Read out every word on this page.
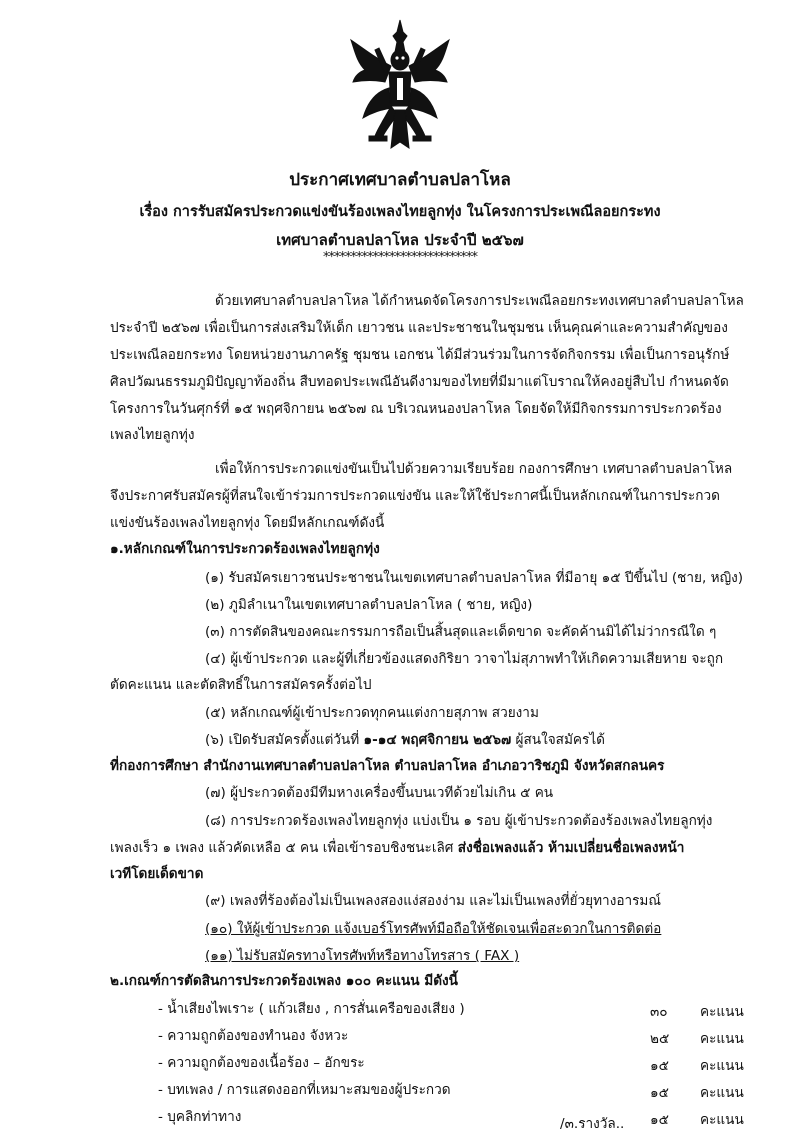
ประกาศเทศบาลตำบลปลาโหล
เรื่อง การรับสมัครประกวดแข่งขันร้องเพลงไทยลูกทุ่ง ในโครงการประเพณีลอยกระทง
เทศบาลตำบลปลาโหล ประจำปี ๒๕๖๗
****************************
ด้วยเทศบาลตำบลปลาโหล ได้กำหนดจัดโครงการประเพณีลอยกระทงเทศบาลตำบลปลาโหล
ประจำปี ๒๕๖๗ เพื่อเป็นการส่งเสริมให้เด็ก เยาวชน และประชาชนในชุมชน เห็นคุณค่าและความสำคัญของ
ประเพณีลอยกระทง โดยหน่วยงานภาครัฐ ชุมชน เอกชน ได้มีส่วนร่วมในการจัดกิจกรรม เพื่อเป็นการอนุรักษ์
ศิลปวัฒนธรรมภูมิปัญญาท้องถิ่น สืบทอดประเพณีอันดีงามของไทยที่มีมาแต่โบราณให้คงอยู่สืบไป กำหนดจัด
โครงการในวันศุกร์ที่ ๑๕ พฤศจิกายน ๒๕๖๗ ณ บริเวณหนองปลาโหล โดยจัดให้มีกิจกรรมการประกวดร้อง
เพลงไทยลูกทุ่ง
เพื่อให้การประกวดแข่งขันเป็นไปด้วยความเรียบร้อย กองการศึกษา เทศบาลตำบลปลาโหล
จึงประกาศรับสมัครผู้ที่สนใจเข้าร่วมการประกวดแข่งขัน และให้ใช้ประกาศนี้เป็นหลักเกณฑ์ในการประกวด
แข่งขันร้องเพลงไทยลูกทุ่ง โดยมีหลักเกณฑ์ดังนี้
๑.หลักเกณฑ์ในการประกวดร้องเพลงไทยลูกทุ่ง
(๑) รับสมัครเยาวชนประชาชนในเขตเทศบาลตำบลปลาโหล ที่มีอายุ ๑๕ ปีขึ้นไป (ชาย, หญิง)
(๒) ภูมิลำเนาในเขตเทศบาลตำบลปลาโหล ( ชาย, หญิง)
(๓) การตัดสินของคณะกรรมการถือเป็นสิ้นสุดและเด็ดขาด จะคัดค้านมิได้ไม่ว่ากรณีใด ๆ
(๔) ผู้เข้าประกวด และผู้ที่เกี่ยวข้องแสดงกิริยา วาจาไม่สุภาพทำให้เกิดความเสียหาย จะถูก
ตัดคะแนน และตัดสิทธิ์ในการสมัครครั้งต่อไป
(๕) หลักเกณฑ์ผู้เข้าประกวดทุกคนแต่งกายสุภาพ สวยงาม
(๖) เปิดรับสมัครตั้งแต่วันที่ ๑-๑๔ พฤศจิกายน ๒๕๖๗ ผู้สนใจสมัครได้
ที่กองการศึกษา สำนักงานเทศบาลตำบลปลาโหล ตำบลปลาโหล อำเภอวาริชภูมิ จังหวัดสกลนคร
(๗) ผู้ประกวดต้องมีทีมหางเครื่องขึ้นบนเวทีด้วยไม่เกิน ๕ คน
(๘) การประกวดร้องเพลงไทยลูกทุ่ง แบ่งเป็น ๑ รอบ ผู้เข้าประกวดต้องร้องเพลงไทยลูกทุ่ง
เพลงเร็ว ๑ เพลง แล้วคัดเหลือ ๕ คน เพื่อเข้ารอบชิงชนะเลิศ ส่งชื่อเพลงแล้ว ห้ามเปลี่ยนชื่อเพลงหน้า
เวทีโดยเด็ดขาด
(๙) เพลงที่ร้องต้องไม่เป็นเพลงสองแง่สองง่าม และไม่เป็นเพลงที่ยั่วยุทางอารมณ์
(๑๐) ให้ผู้เข้าประกวด แจ้งเบอร์โทรศัพท์มือถือให้ชัดเจนเพื่อสะดวกในการติดต่อ
(๑๑) ไม่รับสมัครทางโทรศัพท์หรือทางโทรสาร ( FAX )
๒.เกณฑ์การตัดสินการประกวดร้องเพลง ๑๐๐ คะแนน มีดังนี้
- น้ำเสียงไพเราะ ( แก้วเสียง , การสั่นเครือของเสียง )	๓๐ คะแนน
- ความถูกต้องของทำนอง จังหวะ	๒๕ คะแนน
- ความถูกต้องของเนื้อร้อง – อักขระ	๑๕ คะแนน
- บทเพลง / การแสดงออกที่เหมาะสมของผู้ประกวด	๑๕ คะแนน
- บุคลิกท่าทาง	๑๕ คะแนน
/๓.รางวัล..
